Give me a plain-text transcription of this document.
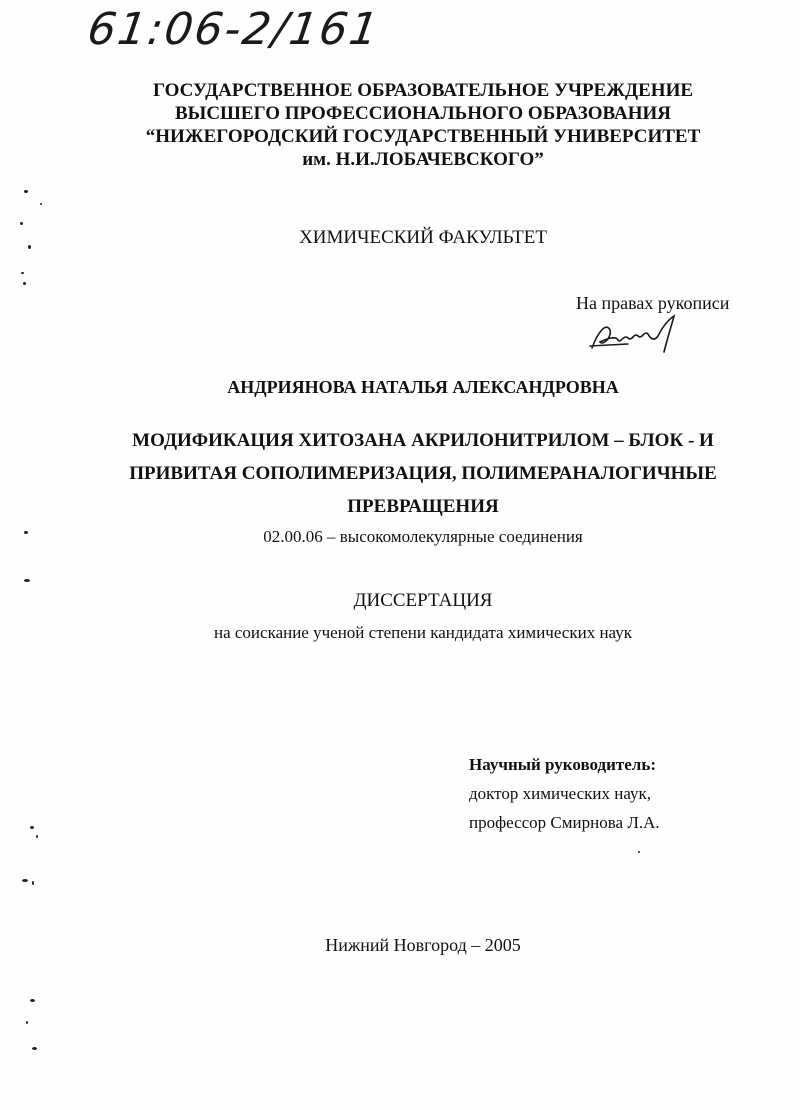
61:06-2/161
ГОСУДАРСТВЕННОЕ ОБРАЗОВАТЕЛЬНОЕ УЧРЕЖДЕНИЕ
ВЫСШЕГО ПРОФЕССИОНАЛЬНОГО ОБРАЗОВАНИЯ
“НИЖЕГОРОДСКИЙ ГОСУДАРСТВЕННЫЙ УНИВЕРСИТЕТ
им. Н.И.ЛОБАЧЕВСКОГО”
ХИМИЧЕСКИЙ ФАКУЛЬТЕТ
На правах рукописи
АНДРИЯНОВА НАТАЛЬЯ АЛЕКСАНДРОВНА
МОДИФИКАЦИЯ ХИТОЗАНА АКРИЛОНИТРИЛОМ – БЛОК - И
ПРИВИТАЯ СОПОЛИМЕРИЗАЦИЯ, ПОЛИМЕРАНАЛОГИЧНЫЕ
ПРЕВРАЩЕНИЯ
02.00.06 – высокомолекулярные соединения
ДИССЕРТАЦИЯ
на соискание ученой степени кандидата химических наук
Научный руководитель:
доктор химических наук,
профессор Смирнова Л.А.
Нижний Новгород – 2005
